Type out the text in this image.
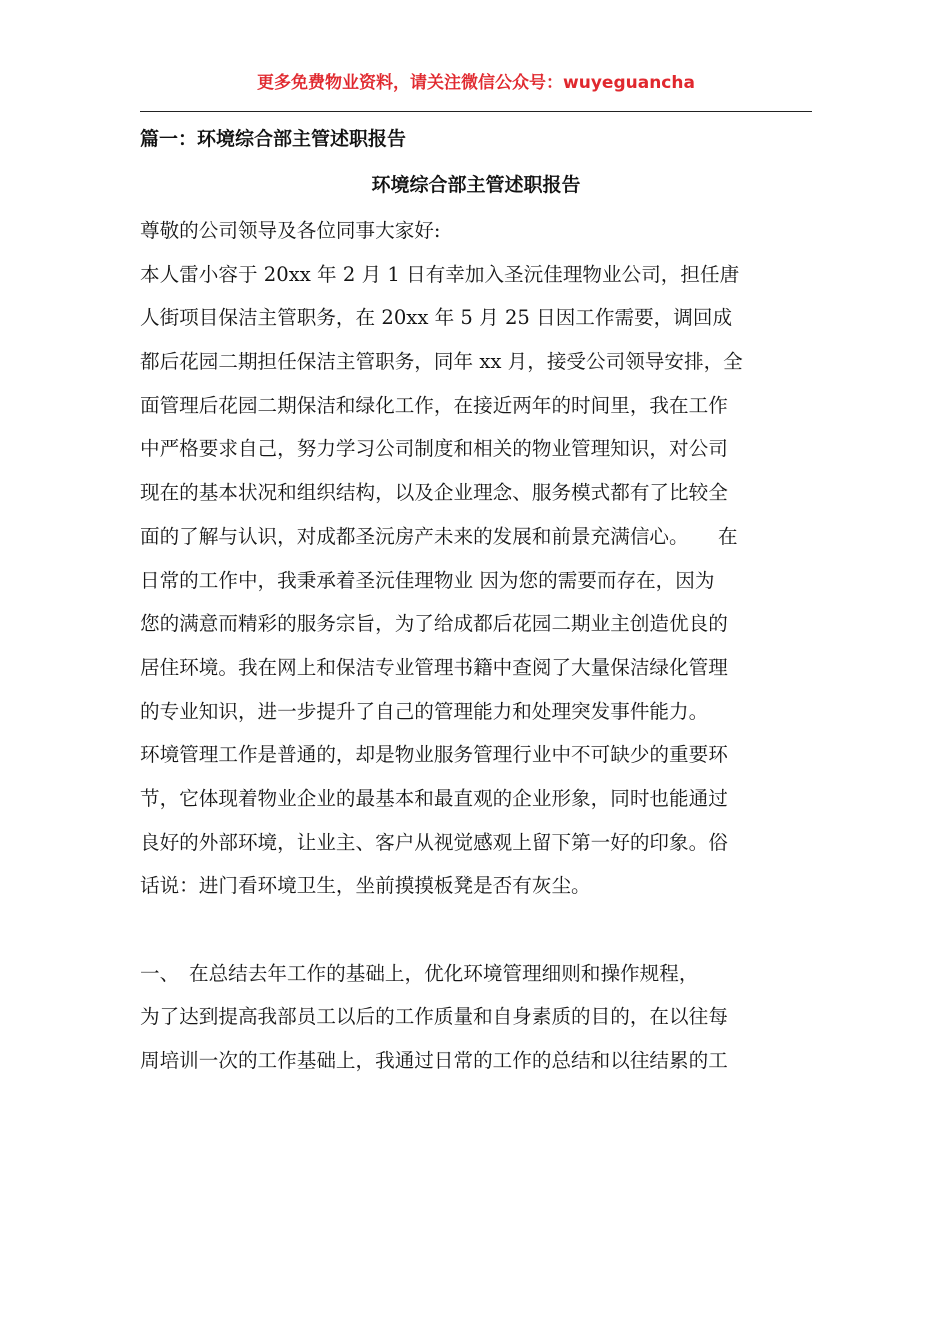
更多免费物业资料，请关注微信公众号：wuyeguancha
篇一：环境综合部主管述职报告
环境综合部主管述职报告
尊敬的公司领导及各位同事大家好:
本人雷小容于 20xx 年 2 月 1 日有幸加入圣沅佳理物业公司，担任唐
人街项目保洁主管职务，在 20xx 年 5 月 25 日因工作需要，调回成
都后花园二期担任保洁主管职务，同年 xx 月，接受公司领导安排，全
面管理后花园二期保洁和绿化工作，在接近两年的时间里，我在工作
中严格要求自己，努力学习公司制度和相关的物业管理知识，对公司
现在的基本状况和组织结构，以及企业理念、服务模式都有了比较全
面的了解与认识，对成都圣沅房产未来的发展和前景充满信心。　　在
日常的工作中，我秉承着圣沅佳理物业 因为您的需要而存在，因为
您的满意而精彩的服务宗旨，为了给成都后花园二期业主创造优良的
居住环境。我在网上和保洁专业管理书籍中查阅了大量保洁绿化管理
的专业知识，进一步提升了自己的管理能力和处理突发事件能力。
环境管理工作是普通的，却是物业服务管理行业中不可缺少的重要环
节，它体现着物业企业的最基本和最直观的企业形象，同时也能通过
良好的外部环境，让业主、客户从视觉感观上留下第一好的印象。俗
话说：进门看环境卫生，坐前摸摸板凳是否有灰尘。
一、　在总结去年工作的基础上，优化环境管理细则和操作规程，
为了达到提高我部员工以后的工作质量和自身素质的目的，在以往每
周培训一次的工作基础上，我通过日常的工作的总结和以往结累的工
